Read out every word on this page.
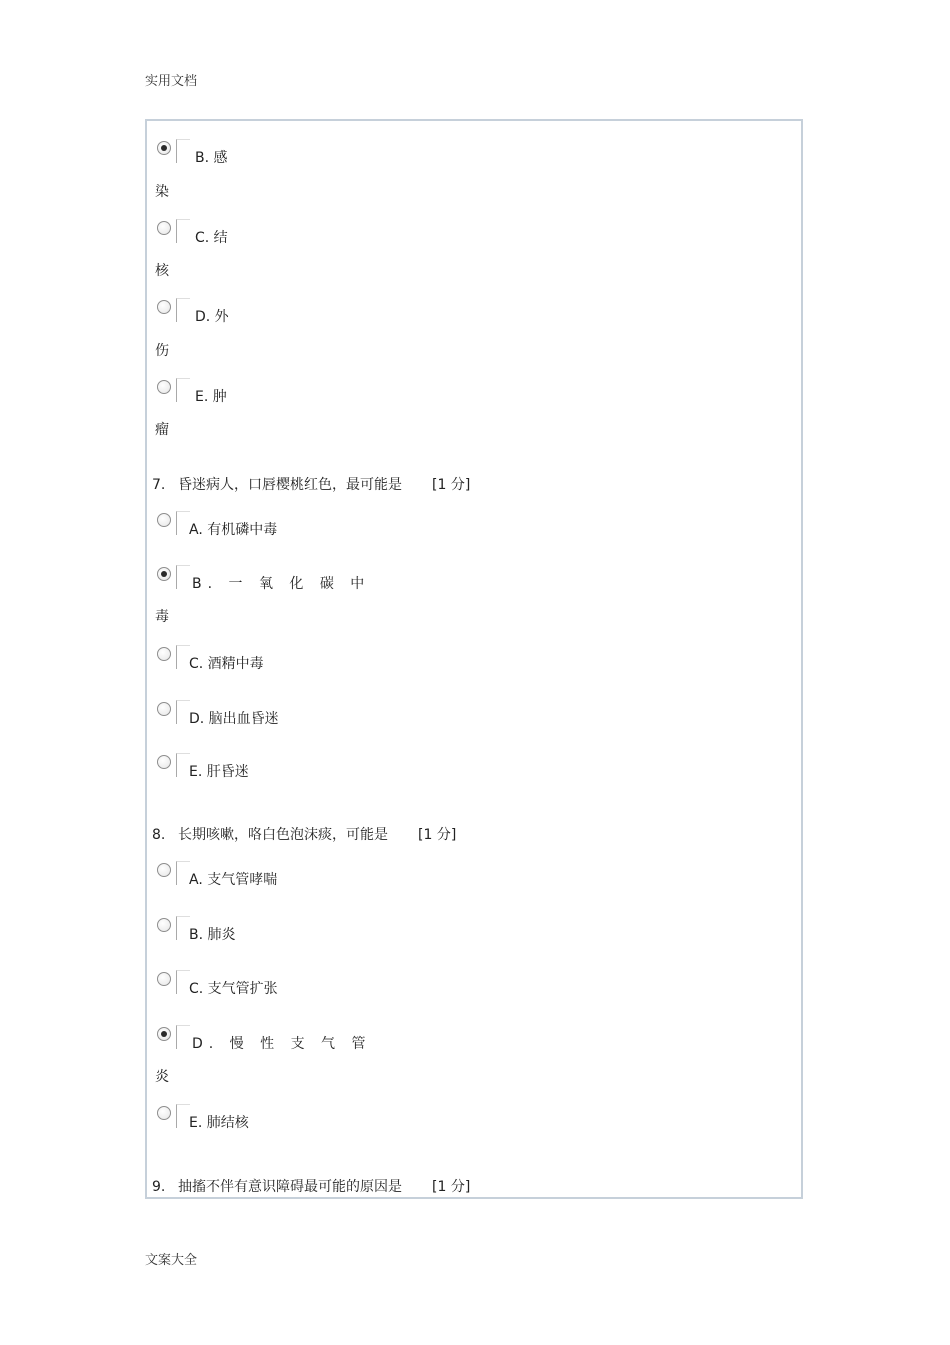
实用文档
B. 感
染
C. 结
核
D. 外
伤
E. 肿
瘤
7. 昏迷病人，口唇樱桃红色，最可能是 [1 分]
A. 有机磷中毒
B. 一 氧 化 碳 中
毒
C. 酒精中毒
D. 脑出血昏迷
E. 肝昏迷
8. 长期咳嗽，咯白色泡沫痰，可能是 [1 分]
A. 支气管哮喘
B. 肺炎
C. 支气管扩张
D. 慢 性 支 气 管
炎
E. 肺结核
9. 抽搐不伴有意识障碍最可能的原因是 [1 分]
文案大全
